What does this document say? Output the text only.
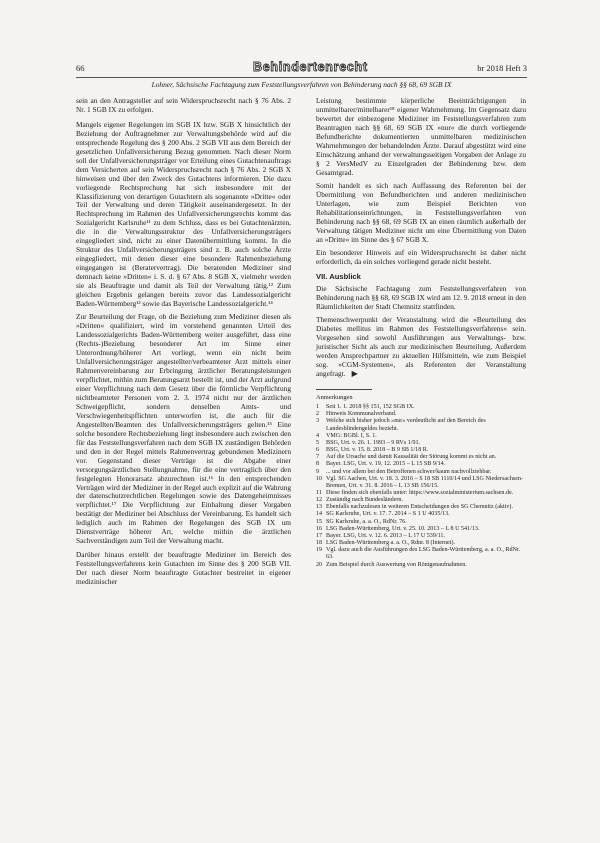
66	Behindertenrecht	br 2018 Heft 3
Lohner, Sächsische Fachtagung zum Feststellungsverfahren von Behinderung nach §§ 68, 69 SGB IX

sein an den Antragsteller auf sein Widerspruchsrecht nach § 76 Abs. 2 Nr. 1 SGB IX zu erfolgen.

Mangels eigener Regelungen im SGB IX bzw. SGB X hinsichtlich der Beziehung der Auftragnehmer zur Verwaltungsbehörde wird auf die entsprechende Regelung des § 200 Abs. 2 SGB VII aus dem Bereich der gesetzlichen Unfallversicherung Bezug genommen. Nach dieser Norm soll der Unfallversicherungsträger vor Erteilung eines Gutachtenauftrags dem Versicherten auf sein Widerspruchsrecht nach § 76 Abs. 2 SGB X hinweisen und über den Zweck des Gutachtens informieren. Die dazu vorliegende Rechtsprechung hat sich insbesondere mit der Klassifizierung von derartigen Gutachtern als sogenannte »Dritte« oder Teil der Verwaltung und deren Tätigkeit auseinandergesetzt. In der Rechtsprechung im Rahmen des Unfallversicherungsrechts kommt das Sozialgericht Karlsruhe¹¹ zu dem Schluss, dass es bei Gutachtenärzten, die in die Verwaltungsstruktur des Unfallversicherungsträgers eingegliedert sind, nicht zu einer Datenübermittlung kommt. In die Struktur des Unfallversicherungsträgers sind z. B. auch solche Ärzte eingegliedert, mit denen dieser eine besondere Rahmenbeziehung eingegangen ist (Beratervertrag). Die beratenden Mediziner sind demnach keine »Dritten« i. S. d. § 67 Abs. 8 SGB X, vielmehr werden sie als Beauftragte und damit als Teil der Verwaltung tätig.¹² Zum gleichen Ergebnis gelangen bereits zuvor das Landessozialgericht Baden-Württemberg¹³ sowie das Bayerische Landessozialgericht.¹⁴

Zur Beurteilung der Frage, ob die Beziehung zum Mediziner diesen als »Dritten« qualifiziert, wird im vorstehend genannten Urteil des Landessozialgerichts Baden-Württemberg weiter ausgeführt, dass eine (Rechts-)Beziehung besonderer Art im Sinne einer Unterordnung/höherer Art vorliegt, wenn ein nicht beim Unfallversicherungsträger angestellter/verbeamteter Arzt mittels einer Rahmenvereinbarung zur Erbringung ärztlicher Beratungsleistungen verpflichtet, mithin zum Beratungsarzt bestellt ist, und der Arzt aufgrund einer Verpflichtung nach dem Gesetz über die förmliche Verpflichtung nichtbeamteter Personen vom 2. 3. 1974 nicht nur der ärztlichen Schweigepflicht, sondern denselben Amts- und Verschwiegenheitspflichten unterworfen ist, die auch für die Angestellten/Beamten des Unfallversicherungsträgers gelten.¹⁵ Eine solche besondere Rechtsbeziehung liegt insbesondere auch zwischen den für das Feststellungsverfahren nach dem SGB IX zuständigen Behörden und den in der Regel mittels Rahmenvertrag gebundenen Medizinern vor. Gegenstand dieser Verträge ist die Abgabe einer versorgungsärztlichen Stellungnahme, für die eine vertraglich über den festgelegten Honorarsatz abzurechnen ist.¹⁶ In den entsprechenden Verträgen wird der Mediziner in der Regel auch explizit auf die Wahrung der datenschutzrechtlichen Regelungen sowie des Datengeheimnisses verpflichtet.¹⁷ Die Verpflichtung zur Einhaltung dieser Vorgaben bestätigt der Mediziner bei Abschluss der Vereinbarung. Es handelt sich lediglich auch im Rahmen der Regelungen des SGB IX um Dienstverträge höherer Art, welche mithin die ärztlichen Sachverständigen zum Teil der Verwaltung macht.

Darüber hinaus erstellt der beauftragte Mediziner im Bereich des Feststellungsverfahrens kein Gutachten im Sinne des § 200 SGB VII. Der nach dieser Norm beauftragte Gutachter bestreitet in eigener medizinischer

Leistung bestimmte körperliche Beeinträchtigungen in unmittelbarer/mittelbarer¹⁸ eigener Wahrnehmung. Im Gegensatz dazu bewertet der einbezogene Mediziner im Feststellungsverfahren zum Beantragten nach §§ 68, 69 SGB IX »nur« die durch vorliegende Befundberichte dokumentierten unmittelbaren medizinischen Wahrnehmungen der behandelnden Ärzte. Darauf abgestützt wird eine Einschätzung anhand der verwaltungsseitigen Vorgaben der Anlage zu § 2 VersMedV zu Einzelgraden der Behinderung bzw. dem Gesamtgrad.

Somit handelt es sich nach Auffassung des Referenten bei der Übermittlung von Befundberichten und anderen medizinischen Unterlagen, wie zum Beispiel Berichten von Rehabilitationseinrichtungen, in Feststellungsverfahren von Behinderung nach §§ 68, 69 SGB IX an einen räumlich außerhalb der Verwaltung tätigen Mediziner nicht um eine Übermittlung von Daten an »Dritte« im Sinne des § 67 SGB X.

Ein besonderer Hinweis auf ein Widerspruchsrecht ist daher nicht erforderlich, da ein solches vorliegend gerade nicht besteht.

VII. Ausblick

Die Sächsische Fachtagung zum Feststellungsverfahren von Behinderung nach §§ 68, 69 SGB IX wird am 12. 9. 2018 erneut in den Räumlichkeiten der Stadt Chemnitz stattfinden.

Themenschwerpunkt der Veranstaltung wird die »Beurteilung des Diabetes mellitus im Rahmen des Feststellungsverfahrens« sein. Vorgesehen sind sowohl Ausführungen aus Verwaltungs- bzw. juristischer Sicht als auch zur medizinischen Beurteilung. Außerdem werden Ansprechpartner zu aktuellen Hilfsmitteln, wie zum Beispiel sog. »CGM-Systemen«, als Referenten der Veranstaltung angefragt. ▶

Anmerkungen
1 Seit 1. 1. 2018 §§ 151, 152 SGB IX.
2 Hinweis Kommunalverband.
3 Welche sich bisher jedoch »nur« verdeutlicht auf den Bereich des Landesblindengeldes bezieht.
4 VMG: BGBl. I, S. 1.
5 BSG, Urt. v. 26. 1. 1993 – 9 RVs 1/91.
6 BSG, Urt. v. 15. 8. 2018 – B 9 SB 1/18 R.
7 Auf die Ursache und damit Kausalität der Störung kommt es nicht an.
8 Bayer. LSG, Urt. v. 19. 12. 2015 – L 15 SB 9/14.
9 ... und vor allem bei den Betroffenen schwer/kaum nachvollziehbar.
10 Vgl. SG Aachen, Urt. v. 18. 3. 2016 – S 18 SB 1110/14 und LSG Niedersachsen-Bremen, Urt. v. 31. 8. 2016 – L 13 SB 156/15.
11 Diese finden sich ebenfalls unter: https://www.sozialministerium.sachsen.de.
12 Zuständig nach Bundesländern.
13 Ebenfalls nachzulesen in weiteren Entscheidungen des SG Chemnitz (aktiv).
14 SG Karlsruhe, Urt. v. 17. 7. 2014 – S 1 U 4035/13.
15 SG Karlsruhe, a. a. O., RdNr. 76.
16 LSG Baden-Württemberg, Urt. v. 25. 10. 2013 – L 8 U 541/13.
17 Bayer. LSG, Urt. v. 12. 6. 2013 – L 17 U 539/11.
18 LSG Baden-Württemberg a. a. O., Rdnr. 8 (Internet).
19 Vgl. dazu auch die Ausführungen des LSG Baden-Württemberg, a. a. O., RdNr. 63.
20 Zum Beispiel durch Auswertung von Röntgenaufnahmen.
